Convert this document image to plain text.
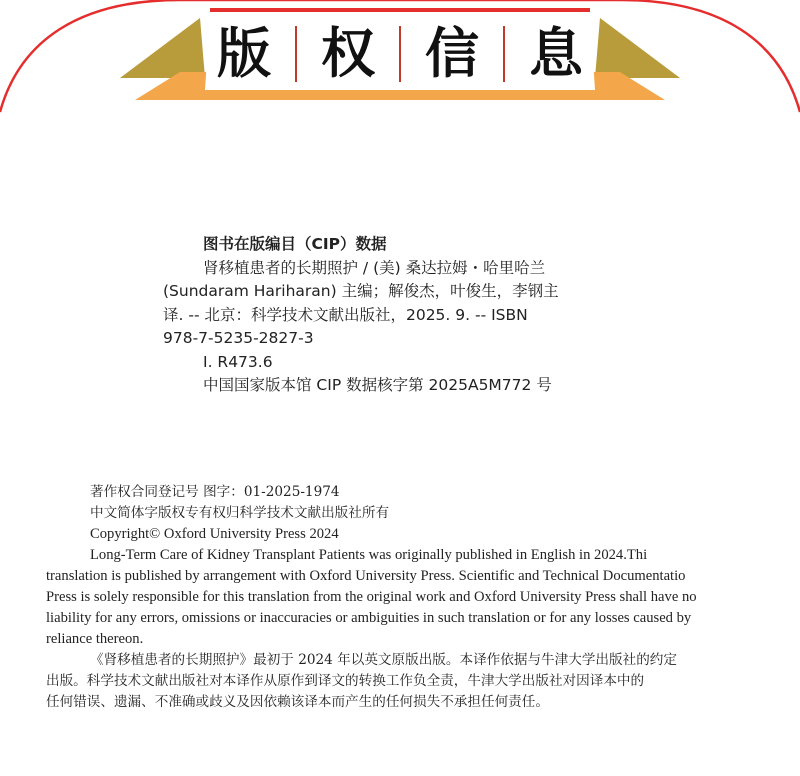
版 权 信 息
图书在版编目（CIP）数据
肾移植患者的长期照护 / (美) 桑达拉姆・哈里哈兰
(Sundaram Hariharan) 主编；解俊杰，叶俊生，李钢主
译. -- 北京：科学技术文献出版社，2025. 9. -- ISBN
978-7-5235-2827-3
Ⅰ. R473.6
中国国家版本馆 CIP 数据核字第 2025A5M772 号
著作权合同登记号 图字：01-2025-1974
中文简体字版权专有权归科学技术文献出版社所有
Copyright© Oxford University Press 2024
Long-Term Care of Kidney Transplant Patients was originally published in English in 2024.Thi
translation is published by arrangement with Oxford University Press. Scientific and Technical Documentatio
Press is solely responsible for this translation from the original work and Oxford University Press shall have no
liability for any errors, omissions or inaccuracies or ambiguities in such translation or for any losses caused by
reliance thereon.
《肾移植患者的长期照护》最初于 2024 年以英文原版出版。本译作依据与牛津大学出版社的约定
出版。科学技术文献出版社对本译作从原作到译文的转换工作负全责，牛津大学出版社对因译本中的
任何错误、遗漏、不准确或歧义及因依赖该译本而产生的任何损失不承担任何责任。
